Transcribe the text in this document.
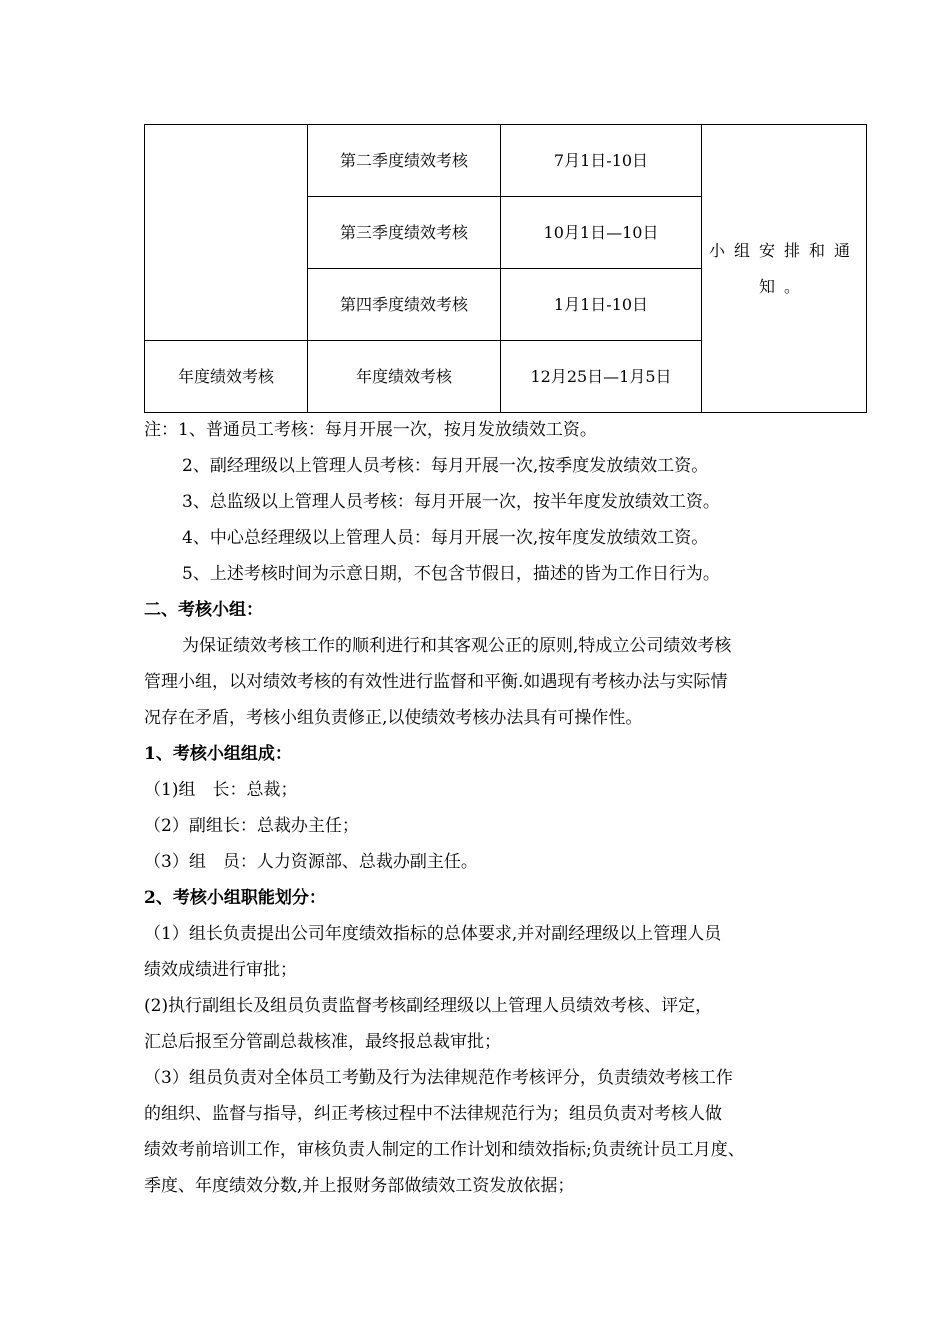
	第二季度绩效考核	7月1日-10日	小组安排和通知。
	第三季度绩效考核	10月1日—10日	
	第四季度绩效考核	1月1日-10日	
年度绩效考核	年度绩效考核	12月25日—1月5日	
注：1、普通员工考核：每月开展一次，按月发放绩效工资。
2、副经理级以上管理人员考核：每月开展一次,按季度发放绩效工资。
3、总监级以上管理人员考核：每月开展一次，按半年度发放绩效工资。
4、中心总经理级以上管理人员：每月开展一次,按年度发放绩效工资。
5、上述考核时间为示意日期，不包含节假日，描述的皆为工作日行为。
二、考核小组：
为保证绩效考核工作的顺利进行和其客观公正的原则,特成立公司绩效考核
管理小组，以对绩效考核的有效性进行监督和平衡.如遇现有考核办法与实际情
况存在矛盾，考核小组负责修正,以使绩效考核办法具有可操作性。
1、考核小组组成：
（1)组　长：总裁；
（2）副组长：总裁办主任；
（3）组　员：人力资源部、总裁办副主任。
2、考核小组职能划分：
（1）组长负责提出公司年度绩效指标的总体要求,并对副经理级以上管理人员
绩效成绩进行审批；
(2)执行副组长及组员负责监督考核副经理级以上管理人员绩效考核、评定，
汇总后报至分管副总裁核准，最终报总裁审批；
（3）组员负责对全体员工考勤及行为法律规范作考核评分，负责绩效考核工作
的组织、监督与指导，纠正考核过程中不法律规范行为；组员负责对考核人做
绩效考前培训工作，审核负责人制定的工作计划和绩效指标;负责统计员工月度、
季度、年度绩效分数,并上报财务部做绩效工资发放依据；
